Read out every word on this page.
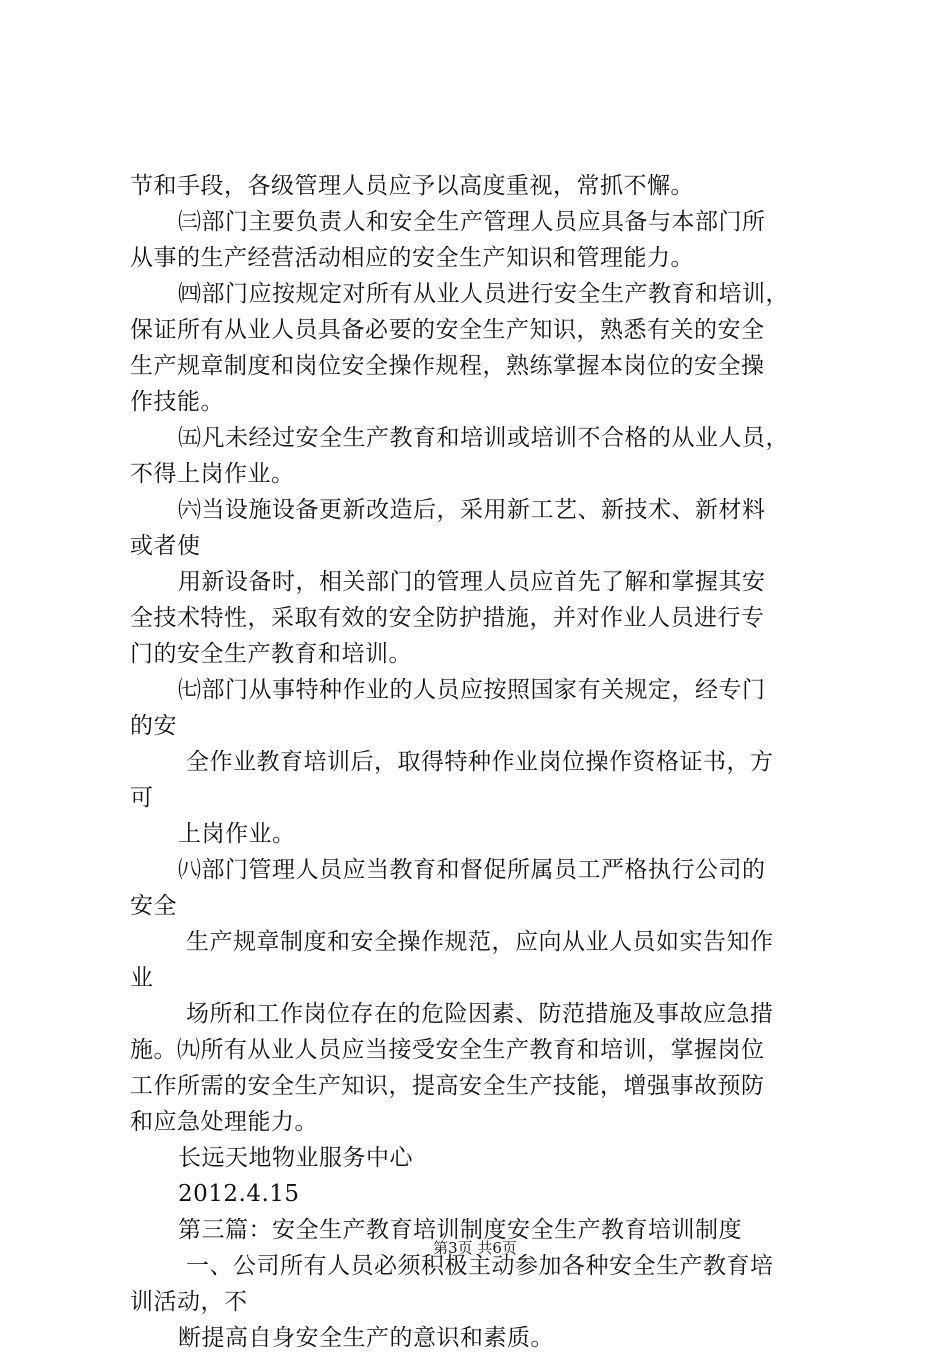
节和手段，各级管理人员应予以高度重视，常抓不懈。
㈢部门主要负责人和安全生产管理人员应具备与本部门所
从事的生产经营活动相应的安全生产知识和管理能力。
㈣部门应按规定对所有从业人员进行安全生产教育和培训，
保证所有从业人员具备必要的安全生产知识，熟悉有关的安全
生产规章制度和岗位安全操作规程，熟练掌握本岗位的安全操
作技能。
㈤凡未经过安全生产教育和培训或培训不合格的从业人员，
不得上岗作业。
㈥当设施设备更新改造后，采用新工艺、新技术、新材料
或者使
用新设备时，相关部门的管理人员应首先了解和掌握其安
全技术特性，采取有效的安全防护措施，并对作业人员进行专
门的安全生产教育和培训。
㈦部门从事特种作业的人员应按照国家有关规定，经专门
的安
全作业教育培训后，取得特种作业岗位操作资格证书，方
可
上岗作业。
㈧部门管理人员应当教育和督促所属员工严格执行公司的
安全
生产规章制度和安全操作规范，应向从业人员如实告知作
业
场所和工作岗位存在的危险因素、防范措施及事故应急措
施。㈨所有从业人员应当接受安全生产教育和培训，掌握岗位
工作所需的安全生产知识，提高安全生产技能，增强事故预防
和应急处理能力。
长远天地物业服务中心
2012.4.15
第三篇：安全生产教育培训制度安全生产教育培训制度
一、公司所有人员必须积极主动参加各种安全生产教育培
训活动，不
断提高自身安全生产的意识和素质。
第3页 共6页
